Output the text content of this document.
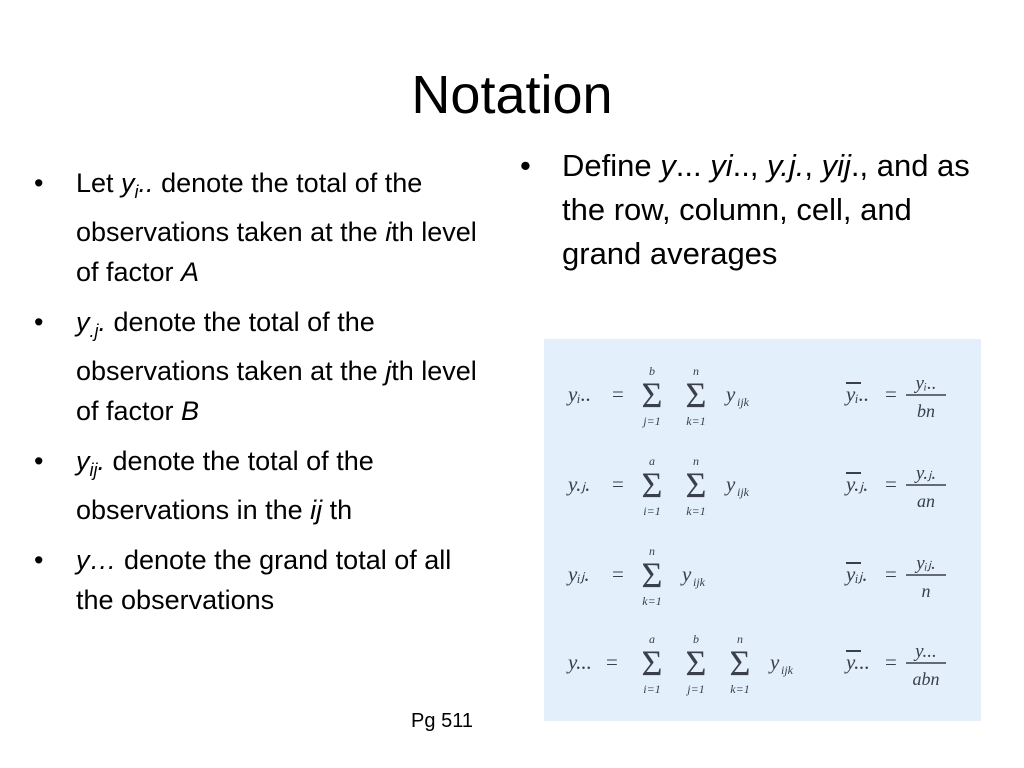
Notation
• Let $y_i$.. denote the total of the observations taken at the ith level of factor A
• $y_{.j}$. denote the total of the observations taken at the jth level of factor B
• $y_{ij}$. denote the total of the observations in the ij th
• y… denote the grand total of all the observations
• Define y... yi.., y.j., yij., and as the row, column, cell, and grand averages
yᵢ.. = Σ
b
j=1
Σ
n
k=1
y ijk	yᵢ.. = yᵢ..
bn
y.ⱼ. = Σ
a
i=1
Σ
n
k=1
y ijk	y.ⱼ. = y.ⱼ.
an
yᵢⱼ. = Σ
n
k=1
y ijk	yᵢⱼ. = yᵢⱼ.
n
y... = Σ
a
i=1
Σ
b
j=1
Σ
n
k=1
y ijk	y... = y...
abn
Pg 511
